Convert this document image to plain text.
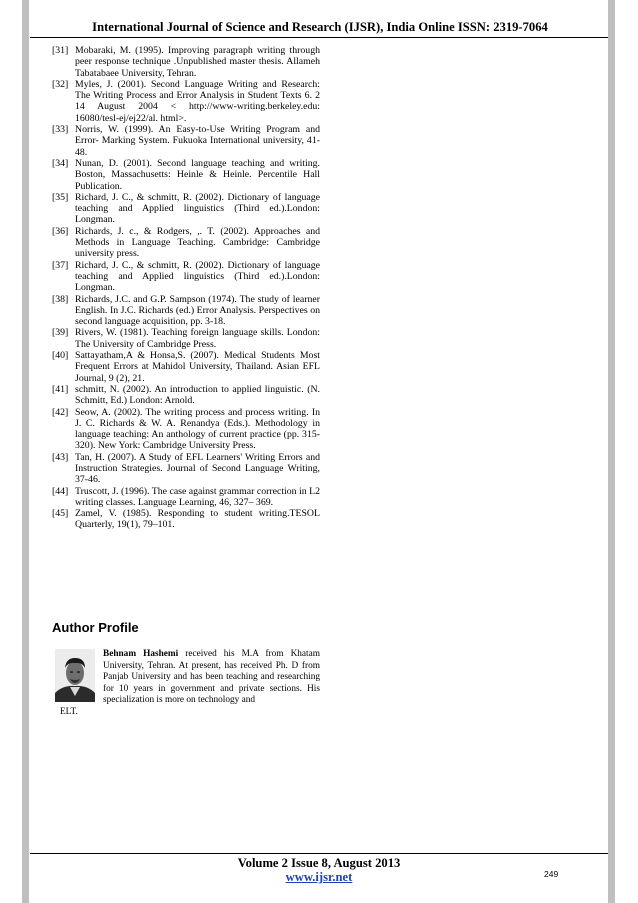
International Journal of Science and Research (IJSR), India Online ISSN: 2319-7064
[31] Mobaraki, M. (1995). Improving paragraph writing through peer response technique .Unpublished master thesis. Allameh Tabatabaee University, Tehran.
[32] Myles, J. (2001). Second Language Writing and Research: The Writing Process and Error Analysis in Student Texts 6. 2 14 August 2004 < http://www-writing.berkeley.edu: 16080/tesl-ej/ej22/al. html>.
[33] Norris, W. (1999). An Easy-to-Use Writing Program and Error- Marking System. Fukuoka International university, 41-48.
[34] Nunan, D. (2001). Second language teaching and writing. Boston, Massachusetts: Heinle & Heinle. Percentile Hall Publication.
[35] Richard, J. C., & schmitt, R. (2002). Dictionary of language teaching and Applied linguistics (Third ed.).London: Longman.
[36] Richards, J. c., & Rodgers, ,. T. (2002). Approaches and Methods in Language Teaching. Cambridge: Cambridge university press.
[37] Richard, J. C., & schmitt, R. (2002). Dictionary of language teaching and Applied linguistics (Third ed.).London: Longman.
[38] Richards, J.C. and G.P. Sampson (1974). The study of learner English. In J.C. Richards (ed.) Error Analysis. Perspectives on second language acquisition, pp. 3-18.
[39] Rivers, W. (1981). Teaching foreign language skills. London: The University of Cambridge Press.
[40] Sattayatham,A & Honsa,S. (2007). Medical Students Most Frequent Errors at Mahidol University, Thailand. Asian EFL Journal, 9 (2), 21.
[41] schmitt, N. (2002). An introduction to applied linguistic. (N. Schmitt, Ed.) London: Arnold.
[42] Seow, A. (2002). The writing process and process writing. In J. C. Richards & W. A. Renandya (Eds.). Methodology in language teaching: An anthology of current practice (pp. 315-320). New York: Cambridge University Press.
[43] Tan, H. (2007). A Study of EFL Learners' Writing Errors and Instruction Strategies. Journal of Second Language Writing, 37-46.
[44] Truscott, J. (1996). The case against grammar correction in L2 writing classes. Language Learning, 46, 327– 369.
[45] Zamel, V. (1985). Responding to student writing.TESOL Quarterly, 19(1), 79–101.
Author Profile
Behnam Hashemi received his M.A from Khatam University, Tehran. At present, has received Ph. D from Panjab University and has been teaching and researching for 10 years in government and private sections. His specialization is more on technology and
ELT.
Volume 2 Issue 8, August 2013
www.ijsr.net	249
